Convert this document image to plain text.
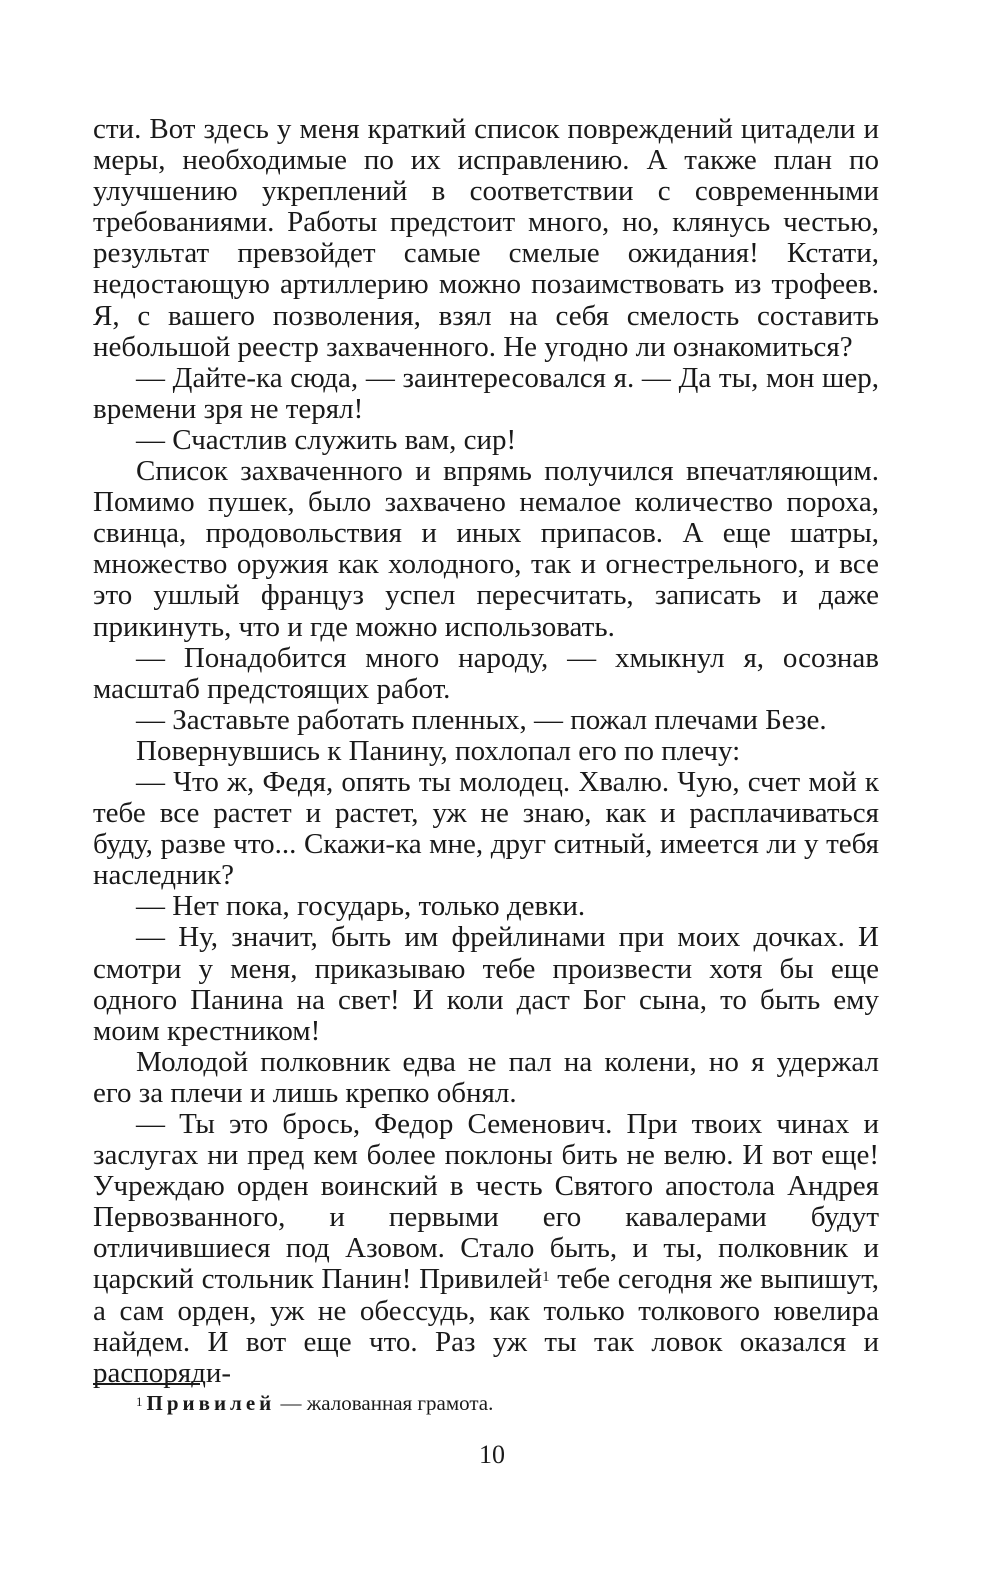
сти. Вот здесь у меня краткий список повреждений цитадели и меры, необходимые по их исправлению. А также план по улучшению укреплений в соответствии с современными требованиями. Работы предстоит много, но, клянусь честью, результат превзойдет самые смелые ожидания! Кстати, недостающую артиллерию можно позаимствовать из трофеев. Я, с вашего позволения, взял на себя смелость составить небольшой реестр захваченного. Не угодно ли ознакомиться?

— Дайте-ка сюда, — заинтересовался я. — Да ты, мон шер, времени зря не терял!

— Счастлив служить вам, сир!

Список захваченного и впрямь получился впечатляющим. Помимо пушек, было захвачено немалое количество пороха, свинца, продовольствия и иных припасов. А еще шатры, множество оружия как холодного, так и огнестрельного, и все это ушлый француз успел пересчитать, записать и даже прикинуть, что и где можно использовать.

— Понадобится много народу, — хмыкнул я, осознав масштаб предстоящих работ.

— Заставьте работать пленных, — пожал плечами Безе.

Повернувшись к Панину, похлопал его по плечу:

— Что ж, Федя, опять ты молодец. Хвалю. Чую, счет мой к тебе все растет и растет, уж не знаю, как и расплачиваться буду, разве что... Скажи-ка мне, друг ситный, имеется ли у тебя наследник?

— Нет пока, государь, только девки.

— Ну, значит, быть им фрейлинами при моих дочках. И смотри у меня, приказываю тебе произвести хотя бы еще одного Панина на свет! И коли даст Бог сына, то быть ему моим крестником!

Молодой полковник едва не пал на колени, но я удержал его за плечи и лишь крепко обнял.

— Ты это брось, Федор Семенович. При твоих чинах и заслугах ни пред кем более поклоны бить не велю. И вот еще! Учреждаю орден воинский в честь Святого апостола Андрея Первозванного, и первыми его кавалерами будут отличившиеся под Азовом. Стало быть, и ты, полковник и царский стольник Панин! Привилей$^1$ тебе сегодня же выпишут, а сам орден, уж не обессудь, как только толкового ювелира найдем. И вот еще что. Раз уж ты так ловок оказался и распоряди-

$^1$ Привилей — жалованная грамота.
10
